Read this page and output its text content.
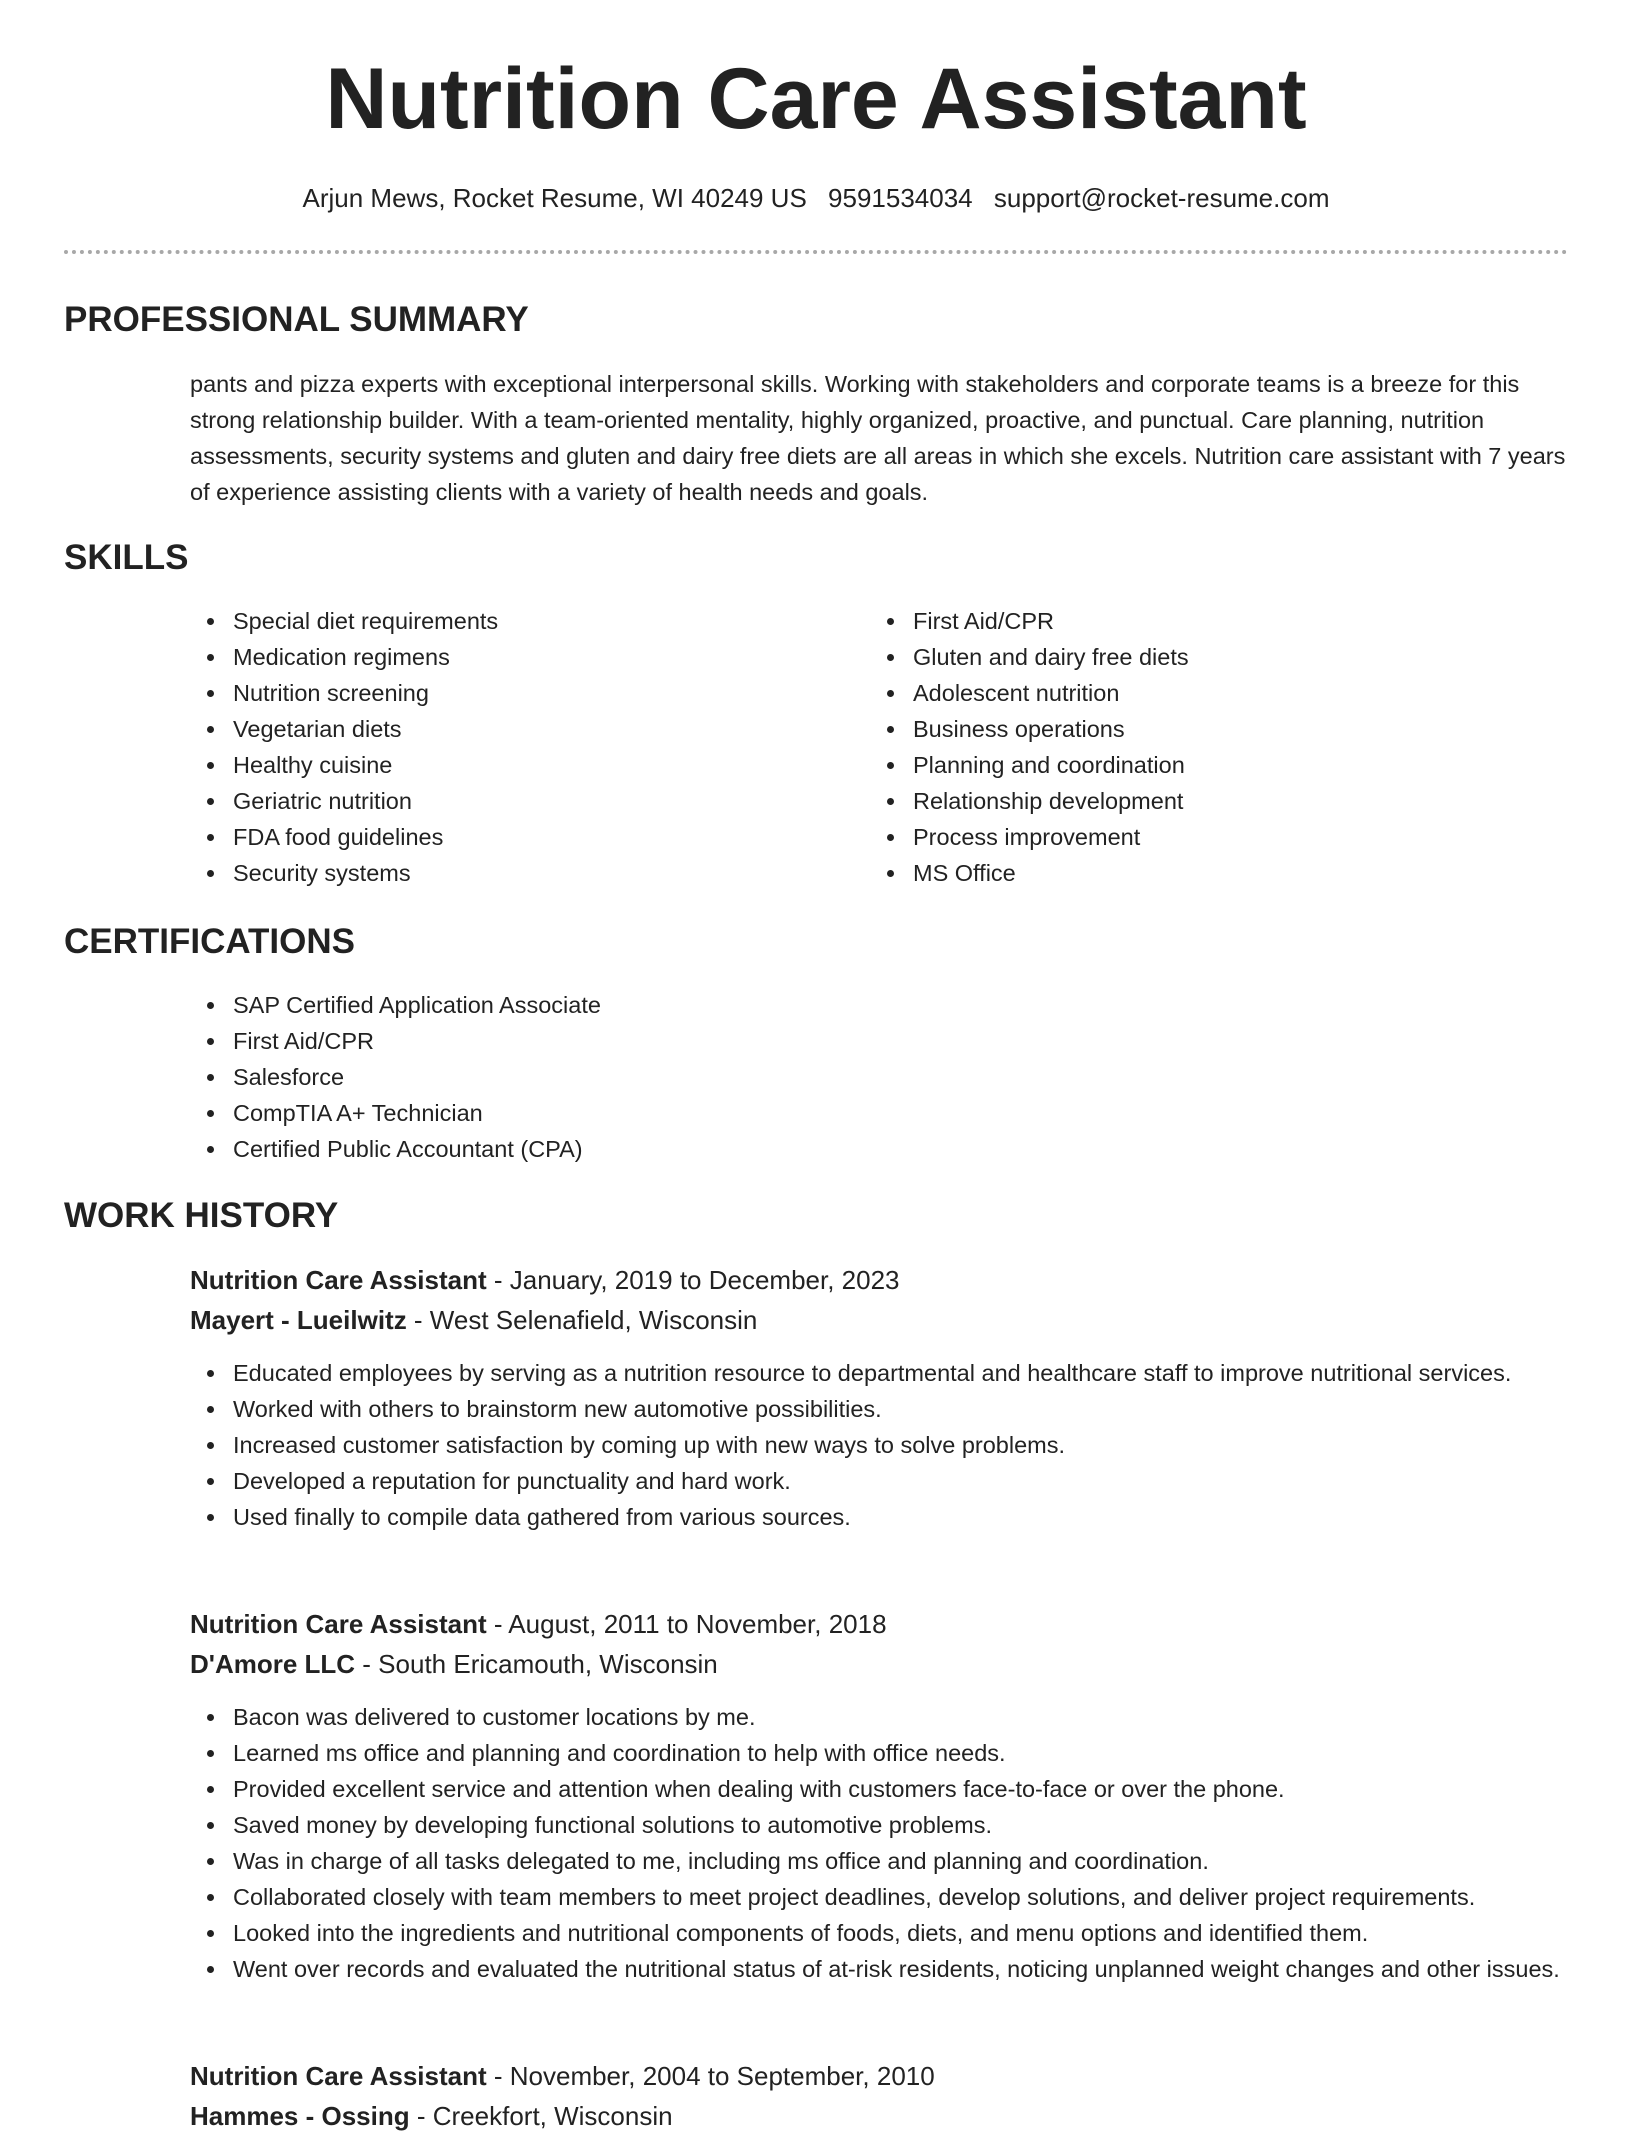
Nutrition Care Assistant
Arjun Mews, Rocket Resume, WI 40249 US 9591534034 support@rocket-resume.com
PROFESSIONAL SUMMARY

pants and pizza experts with exceptional interpersonal skills. Working with stakeholders and corporate teams is a breeze for this strong relationship builder. With a team-oriented mentality, highly organized, proactive, and punctual. Care planning, nutrition assessments, security systems and gluten and dairy free diets are all areas in which she excels. Nutrition care assistant with 7 years of experience assisting clients with a variety of health needs and goals.

SKILLS
Special diet requirements
Medication regimens
Nutrition screening
Vegetarian diets
Healthy cuisine
Geriatric nutrition
FDA food guidelines
Security systems
First Aid/CPR
Gluten and dairy free diets
Adolescent nutrition
Business operations
Planning and coordination
Relationship development
Process improvement
MS Office
CERTIFICATIONS
SAP Certified Application Associate
First Aid/CPR
Salesforce
CompTIA A+ Technician
Certified Public Accountant (CPA)
WORK HISTORY

Nutrition Care Assistant - January, 2019 to December, 2023

Mayert - Lueilwitz - West Selenafield, Wisconsin

Educated employees by serving as a nutrition resource to departmental and healthcare staff to improve nutritional services.
Worked with others to brainstorm new automotive possibilities.
Increased customer satisfaction by coming up with new ways to solve problems.
Developed a reputation for punctuality and hard work.
Used finally to compile data gathered from various sources.

Nutrition Care Assistant - August, 2011 to November, 2018

D'Amore LLC - South Ericamouth, Wisconsin

Bacon was delivered to customer locations by me.
Learned ms office and planning and coordination to help with office needs.
Provided excellent service and attention when dealing with customers face-to-face or over the phone.
Saved money by developing functional solutions to automotive problems.
Was in charge of all tasks delegated to me, including ms office and planning and coordination.
Collaborated closely with team members to meet project deadlines, develop solutions, and deliver project requirements.
Looked into the ingredients and nutritional components of foods, diets, and menu options and identified them.
Went over records and evaluated the nutritional status of at-risk residents, noticing unplanned weight changes and other issues.

Nutrition Care Assistant - November, 2004 to September, 2010

Hammes - Ossing - Creekfort, Wisconsin
